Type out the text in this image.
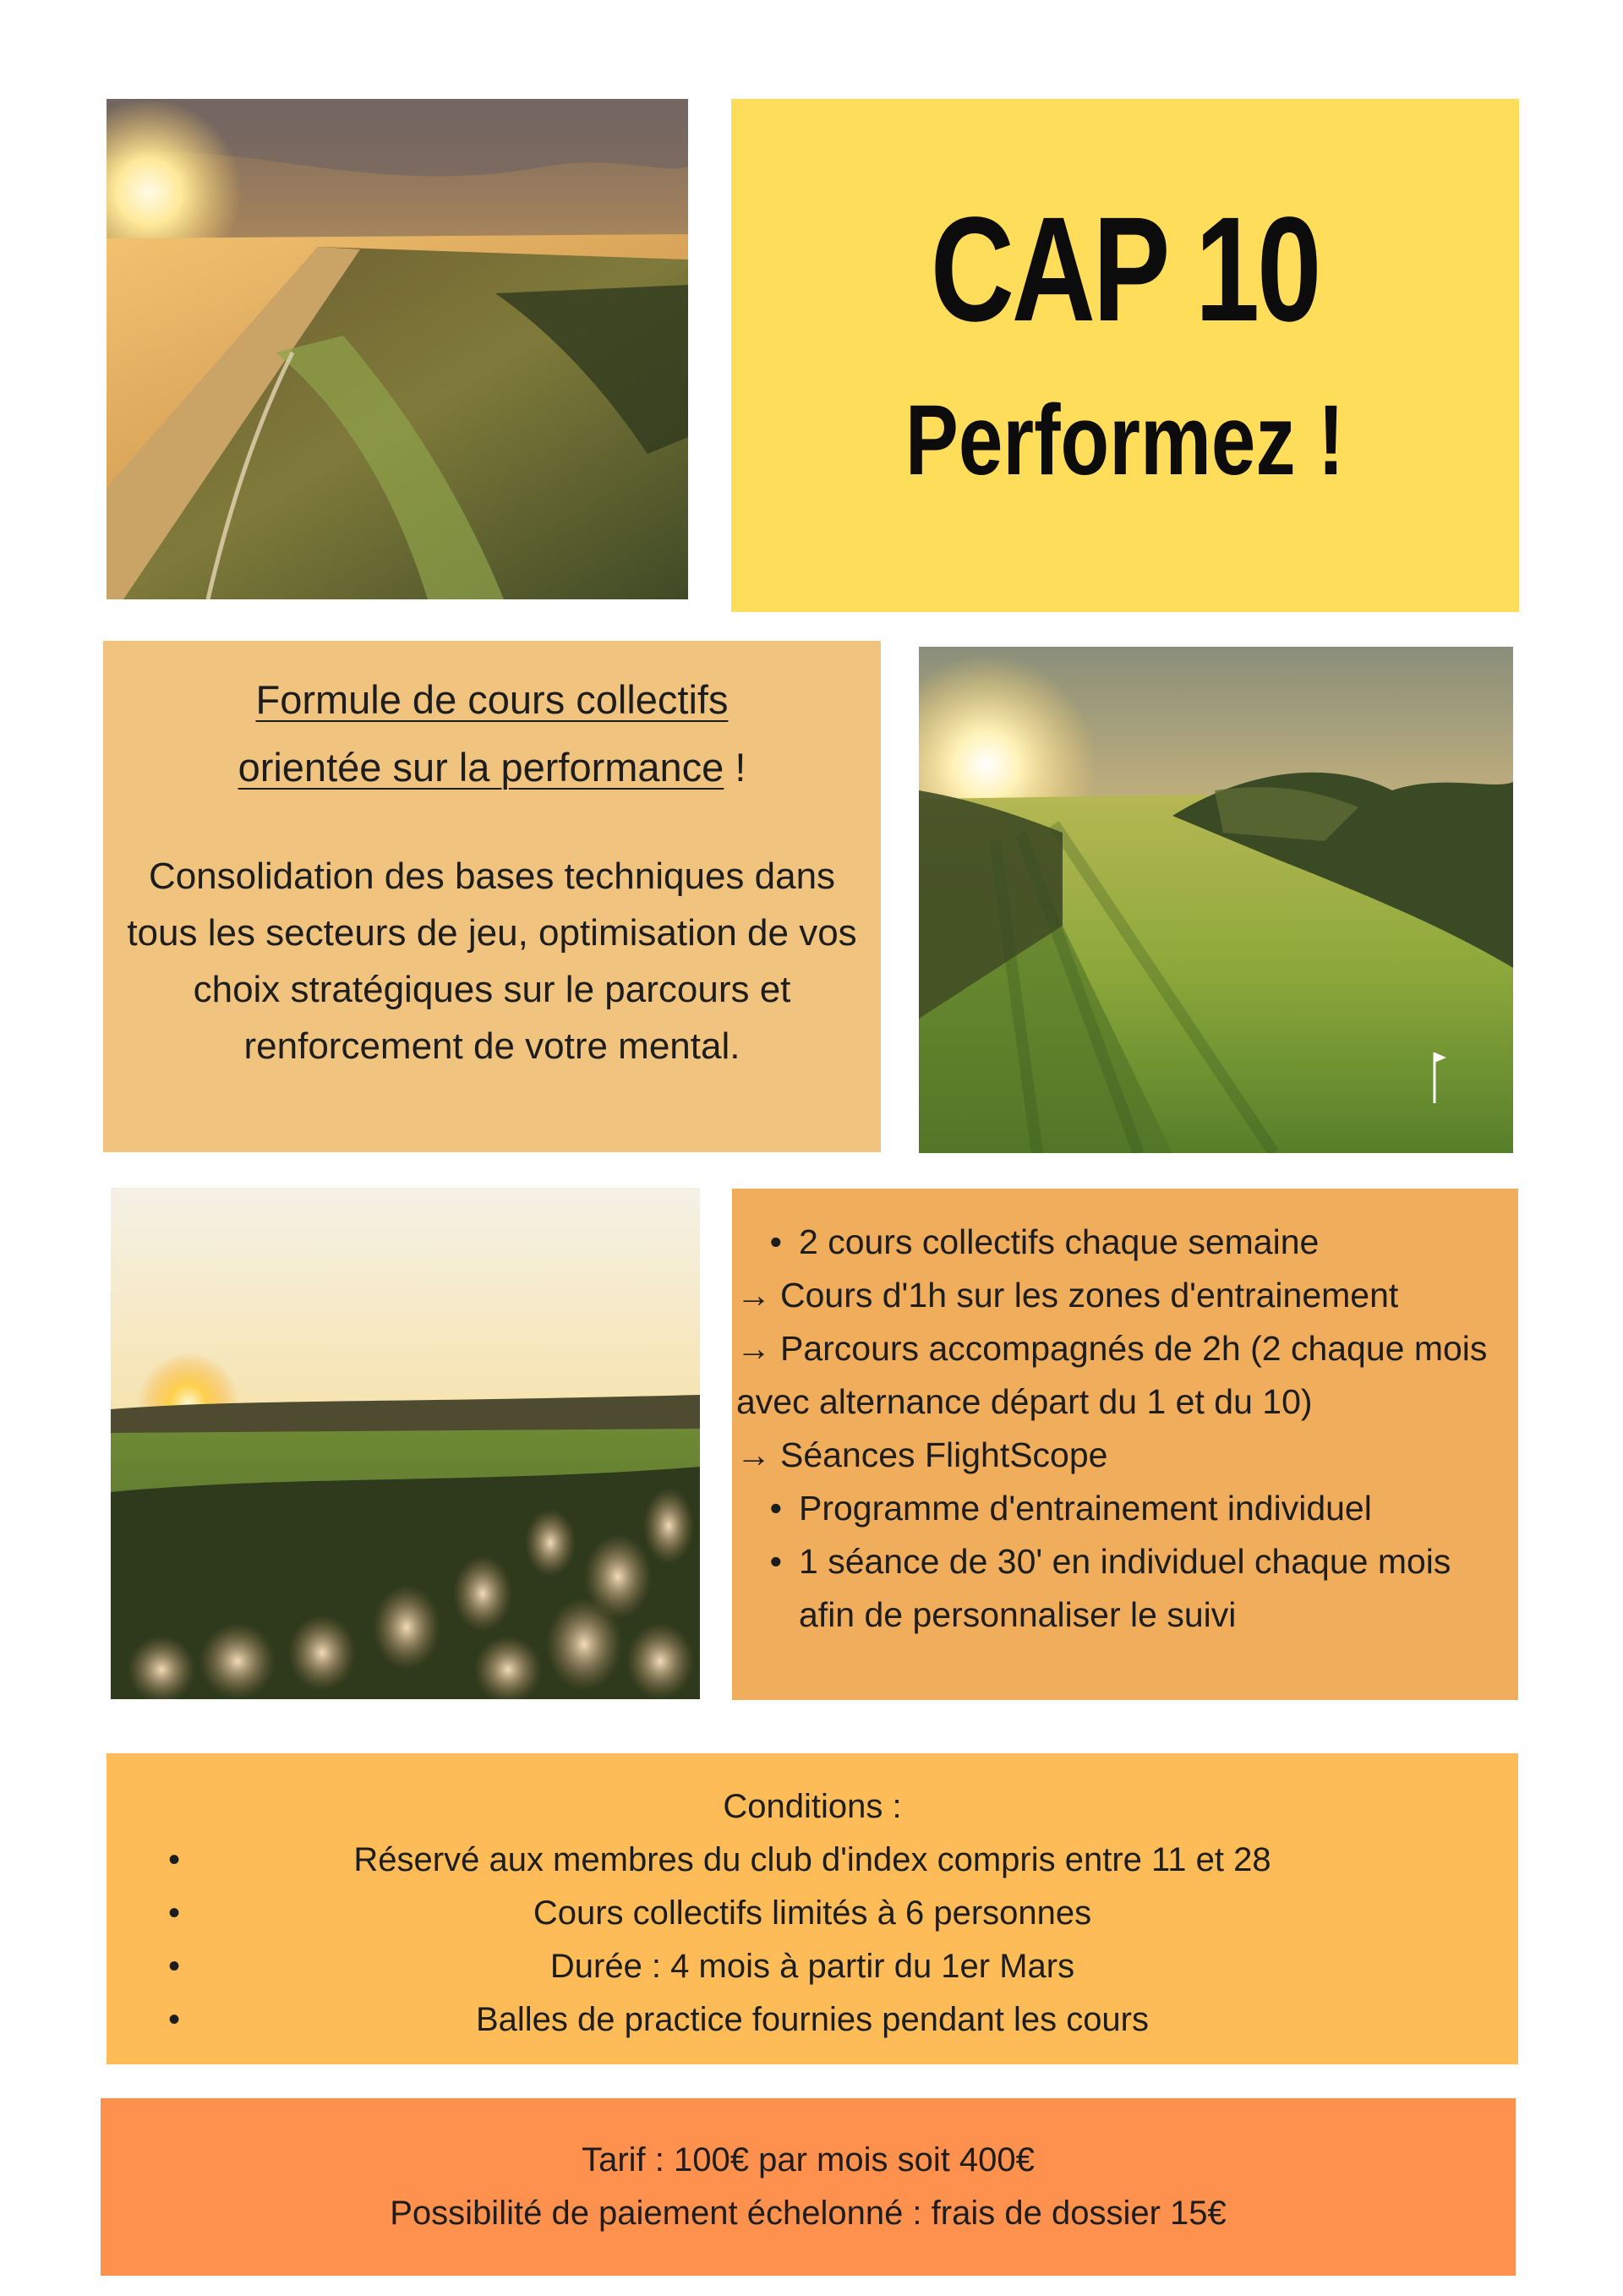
CAP 10
Performez !
Formule de cours collectifs
orientée sur la performance !
Consolidation des bases techniques dans tous les secteurs de jeu, optimisation de vos choix stratégiques sur le parcours et renforcement de votre mental.
• 2 cours collectifs chaque semaine
→ Cours d'1h sur les zones d'entrainement
→ Parcours accompagnés de 2h (2 chaque mois avec alternance départ du 1 et du 10)
→ Séances FlightScope
• Programme d'entrainement individuel
• 1 séance de 30' en individuel chaque mois afin de personnaliser le suivi
Conditions :
•	Réservé aux membres du club d'index compris entre 11 et 28
•	Cours collectifs limités à 6 personnes
•	Durée : 4 mois à partir du 1er Mars
•	Balles de practice fournies pendant les cours
Tarif : 100€ par mois soit 400€
Possibilité de paiement échelonné : frais de dossier 15€
